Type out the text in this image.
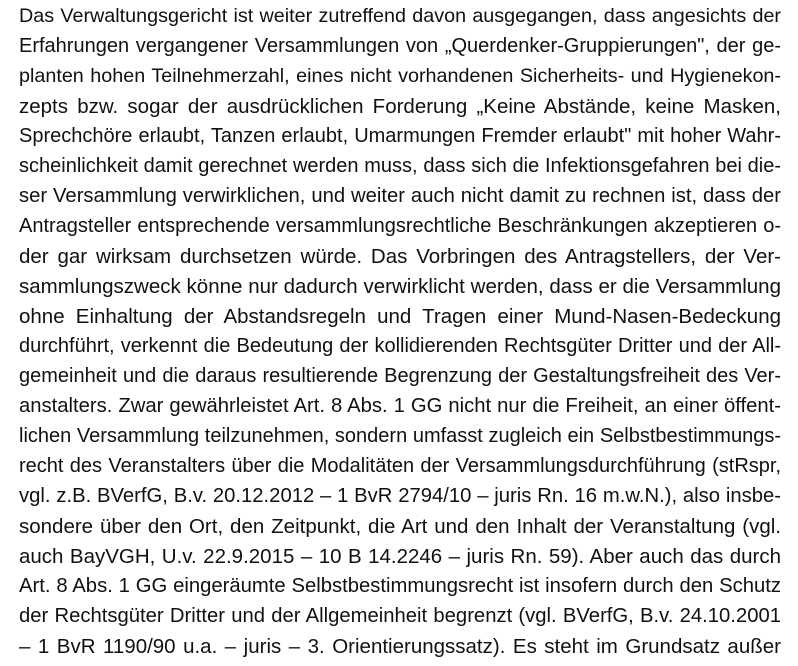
Das Verwaltungsgericht ist weiter zutreffend davon ausgegangen, dass angesichts der
Erfahrungen vergangener Versammlungen von „Querdenker-Gruppierungen", der ge-
planten hohen Teilnehmerzahl, eines nicht vorhandenen Sicherheits- und Hygienekon-
zepts bzw. sogar der ausdrücklichen Forderung „Keine Abstände, keine Masken,
Sprechchöre erlaubt, Tanzen erlaubt, Umarmungen Fremder erlaubt" mit hoher Wahr-
scheinlichkeit damit gerechnet werden muss, dass sich die Infektionsgefahren bei die-
ser Versammlung verwirklichen, und weiter auch nicht damit zu rechnen ist, dass der
Antragsteller entsprechende versammlungsrechtliche Beschränkungen akzeptieren o-
der gar wirksam durchsetzen würde. Das Vorbringen des Antragstellers, der Ver-
sammlungszweck könne nur dadurch verwirklicht werden, dass er die Versammlung
ohne Einhaltung der Abstandsregeln und Tragen einer Mund-Nasen-Bedeckung
durchführt, verkennt die Bedeutung der kollidierenden Rechtsgüter Dritter und der All-
gemeinheit und die daraus resultierende Begrenzung der Gestaltungsfreiheit des Ver-
anstalters. Zwar gewährleistet Art. 8 Abs. 1 GG nicht nur die Freiheit, an einer öffent-
lichen Versammlung teilzunehmen, sondern umfasst zugleich ein Selbstbestimmungs-
recht des Veranstalters über die Modalitäten der Versammlungsdurchführung (stRspr,
vgl. z.B. BVerfG, B.v. 20.12.2012 – 1 BvR 2794/10 – juris Rn. 16 m.w.N.), also insbe-
sondere über den Ort, den Zeitpunkt, die Art und den Inhalt der Veranstaltung (vgl.
auch BayVGH, U.v. 22.9.2015 – 10 B 14.2246 – juris Rn. 59). Aber auch das durch
Art. 8 Abs. 1 GG eingeräumte Selbstbestimmungsrecht ist insofern durch den Schutz
der Rechtsgüter Dritter und der Allgemeinheit begrenzt (vgl. BVerfG, B.v. 24.10.2001
– 1 BvR 1190/90 u.a. – juris – 3. Orientierungssatz). Es steht im Grundsatz außer
